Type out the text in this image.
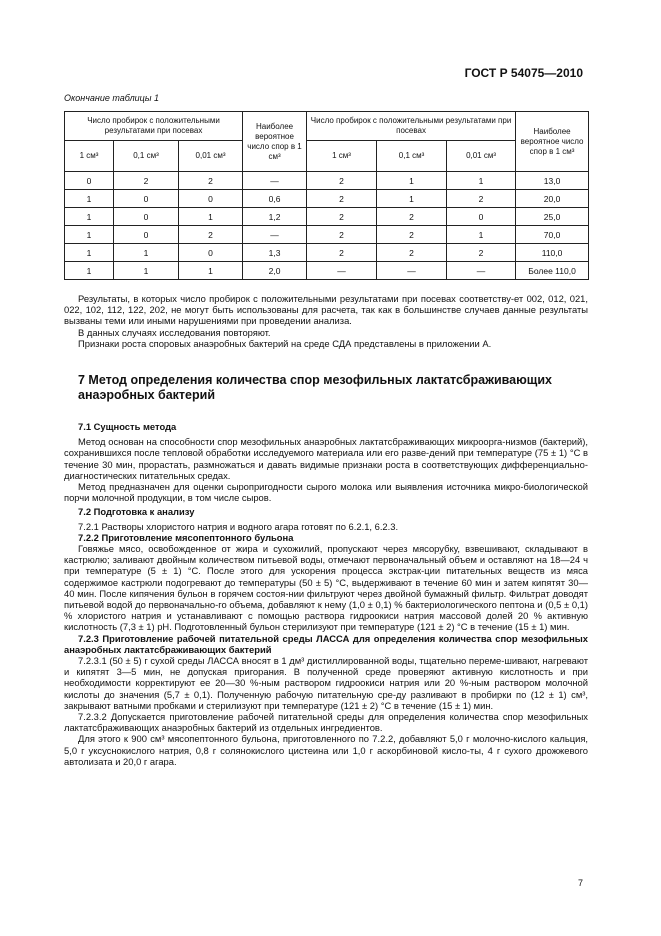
ГОСТ Р 54075—2010
Окончание таблицы 1
Число пробирок с положительными результатами при посевах			Наиболее вероятное число спор в 1 см³	Число пробирок с положительными результатами при посевах			Наиболее вероятное число спор в 1 см³
1 см³	0,1 см³	0,01 см³		1 см³	0,1 см³	0,01 см³	
0	2	2	—	2	1	1	13,0
1	0	0	0,6	2	1	2	20,0
1	0	1	1,2	2	2	0	25,0
1	0	2	—	2	2	1	70,0
1	1	0	1,3	2	2	2	110,0
1	1	1	2,0	—	—	—	Более 110,0

Результаты, в которых число пробирок с положительными результатами при посевах соответству-ет 002, 012, 021, 022, 102, 112, 122, 202, не могут быть использованы для расчета, так как в большинстве случаев данные результаты вызваны теми или иными нарушениями при проведении анализа.

В данных случаях исследования повторяют.

Признаки роста споровых анаэробных бактерий на среде СДА представлены в приложении А.

7 Метод определения количества спор мезофильных лактатсбраживающих анаэробных бактерий

7.1 Сущность метода

Метод основан на способности спор мезофильных анаэробных лактатсбраживающих микроорга-низмов (бактерий), сохранившихся после тепловой обработки исследуемого материала или его разве-дений при температуре (75 ± 1) °С в течение 30 мин, прорастать, размножаться и давать видимые признаки роста в соответствующих дифференциально-диагностических питательных средах.

Метод предназначен для оценки сыропригодности сырого молока или выявления источника микро-биологической порчи молочной продукции, в том числе сыров.

7.2 Подготовка к анализу

7.2.1 Растворы хлористого натрия и водного агара готовят по 6.2.1, 6.2.3.

7.2.2 Приготовление мясопептонного бульона

Говяжье мясо, освобожденное от жира и сухожилий, пропускают через мясорубку, взвешивают, складывают в кастрюлю; заливают двойным количеством питьевой воды, отмечают первоначальный объем и оставляют на 18—24 ч при температуре (5 ± 1) °С. После этого для ускорения процесса экстрак-ции питательных веществ из мяса содержимое кастрюли подогревают до температуры (50 ± 5) °С, выдерживают в течение 60 мин и затем кипятят 30—40 мин. После кипячения бульон в горячем состоя-нии фильтруют через двойной бумажный фильтр. Фильтрат доводят питьевой водой до первоначально-го объема, добавляют к нему (1,0 ± 0,1) % бактериологического пептона и (0,5 ± 0,1) % хлористого натрия и устанавливают с помощью раствора гидроокиси натрия массовой долей 20 % активную кислотность (7,3 ± 1) рН. Подготовленный бульон стерилизуют при температуре (121 ± 2) °С в течение (15 ± 1) мин.

7.2.3 Приготовление рабочей питательной среды ЛАССА для определения количества спор мезофильных анаэробных лактатсбраживающих бактерий

7.2.3.1 (50 ± 5) г сухой среды ЛАССА вносят в 1 дм³ дистиллированной воды, тщательно переме-шивают, нагревают и кипятят 3—5 мин, не допуская пригорания. В полученной среде проверяют активную кислотность и при необходимости корректируют ее 20—30 %-ным раствором гидроокиси натрия или 20 %-ным раствором молочной кислоты до значения (5,7 ± 0,1). Полученную рабочую питательную сре-ду разливают в пробирки по (12 ± 1) см³, закрывают ватными пробками и стерилизуют при температуре (121 ± 2) °С в течение (15 ± 1) мин.

7.2.3.2 Допускается приготовление рабочей питательной среды для определения количества спор мезофильных лактатсбраживающих анаэробных бактерий из отдельных ингредиентов.

Для этого к 900 см³ мясопептонного бульона, приготовленного по 7.2.2, добавляют 5,0 г молочно-кислого кальция, 5,0 г уксуснокислого натрия, 0,8 г солянокислого цистеина или 1,0 г аскорбиновой кисло-ты, 4 г сухого дрожжевого автолизата и 20,0 г агара.

7
